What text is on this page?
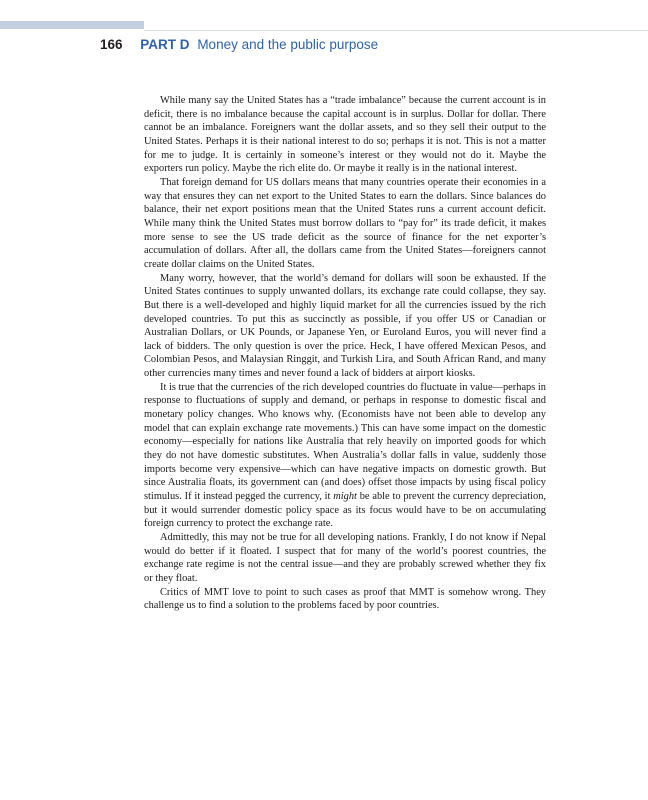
166 PART D Money and the public purpose

While many say the United States has a “trade imbalance” because the current account is in deficit, there is no imbalance because the capital account is in surplus. Dollar for dollar. There cannot be an imbalance. Foreigners want the dollar assets, and so they sell their output to the United States. Perhaps it is their national interest to do so; perhaps it is not. This is not a matter for me to judge. It is certainly in someone’s interest or they would not do it. Maybe the exporters run policy. Maybe the rich elite do. Or maybe it really is in the national interest.

That foreign demand for US dollars means that many countries operate their economies in a way that ensures they can net export to the United States to earn the dollars. Since balances do balance, their net export positions mean that the United States runs a current account deficit. While many think the United States must borrow dollars to “pay for” its trade deficit, it makes more sense to see the US trade deficit as the source of finance for the net exporter’s accumulation of dollars. After all, the dollars came from the United States—foreigners cannot create dollar claims on the United States.

Many worry, however, that the world’s demand for dollars will soon be exhausted. If the United States continues to supply unwanted dollars, its exchange rate could collapse, they say. But there is a well-developed and highly liquid market for all the currencies issued by the rich developed countries. To put this as succinctly as possible, if you offer US or Canadian or Australian Dollars, or UK Pounds, or Japanese Yen, or Euroland Euros, you will never find a lack of bidders. The only question is over the price. Heck, I have offered Mexican Pesos, and Colombian Pesos, and Malaysian Ringgit, and Turkish Lira, and South African Rand, and many other currencies many times and never found a lack of bidders at airport kiosks.

It is true that the currencies of the rich developed countries do fluctuate in value—perhaps in response to fluctuations of supply and demand, or perhaps in response to domestic fiscal and monetary policy changes. Who knows why. (Economists have not been able to develop any model that can explain exchange rate movements.) This can have some impact on the domestic economy—especially for nations like Australia that rely heavily on imported goods for which they do not have domestic substitutes. When Australia’s dollar falls in value, suddenly those imports become very expensive—which can have negative impacts on domestic growth. But since Australia floats, its government can (and does) offset those impacts by using fiscal policy stimulus. If it instead pegged the currency, it might be able to prevent the currency depreciation, but it would surrender domestic policy space as its focus would have to be on accumulating foreign currency to protect the exchange rate.

Admittedly, this may not be true for all developing nations. Frankly, I do not know if Nepal would do better if it floated. I suspect that for many of the world’s poorest countries, the exchange rate regime is not the central issue—and they are probably screwed whether they fix or they float.

Critics of MMT love to point to such cases as proof that MMT is somehow wrong. They challenge us to find a solution to the problems faced by poor countries.
